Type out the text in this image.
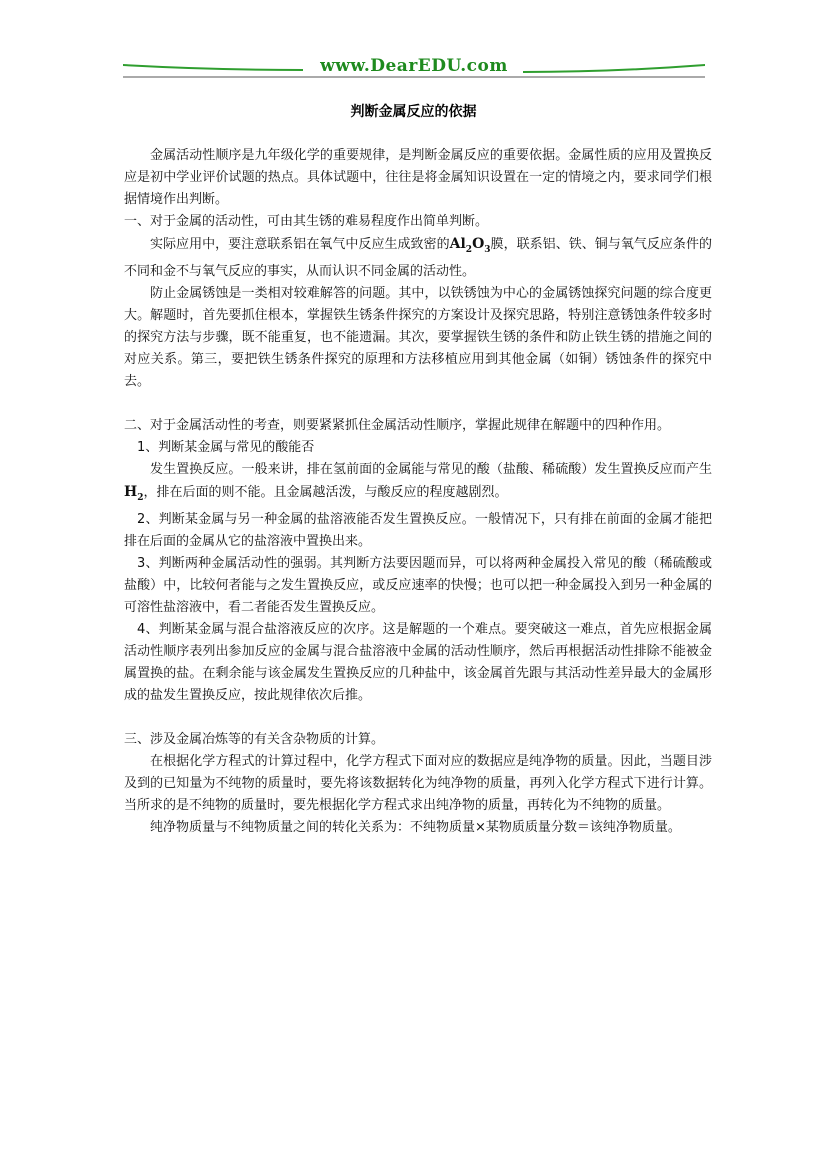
www.DearEDU.com
判断金属反应的依据

金属活动性顺序是九年级化学的重要规律，是判断金属反应的重要依据。金属性质的应用及置换反应是初中学业评价试题的热点。具体试题中，往往是将金属知识设置在一定的情境之内，要求同学们根据情境作出判断。

一、对于金属的活动性，可由其生锈的难易程度作出简单判断。

实际应用中，要注意联系铝在氧气中反应生成致密的$Al_2O_3$膜，联系铝、铁、铜与氧气反应条件的不同和金不与氧气反应的事实，从而认识不同金属的活动性。

防止金属锈蚀是一类相对较难解答的问题。其中，以铁锈蚀为中心的金属锈蚀探究问题的综合度更大。解题时，首先要抓住根本，掌握铁生锈条件探究的方案设计及探究思路，特别注意锈蚀条件较多时的探究方法与步骤，既不能重复，也不能遗漏。其次，要掌握铁生锈的条件和防止铁生锈的措施之间的对应关系。第三，要把铁生锈条件探究的原理和方法移植应用到其他金属（如铜）锈蚀条件的探究中去。

二、对于金属活动性的考查，则要紧紧抓住金属活动性顺序，掌握此规律在解题中的四种作用。

1、判断某金属与常见的酸能否

发生置换反应。一般来讲，排在氢前面的金属能与常见的酸（盐酸、稀硫酸）发生置换反应而产生$H_2$，排在后面的则不能。且金属越活泼，与酸反应的程度越剧烈。

2、判断某金属与另一种金属的盐溶液能否发生置换反应。一般情况下，只有排在前面的金属才能把排在后面的金属从它的盐溶液中置换出来。

3、判断两种金属活动性的强弱。其判断方法要因题而异，可以将两种金属投入常见的酸（稀硫酸或盐酸）中，比较何者能与之发生置换反应，或反应速率的快慢；也可以把一种金属投入到另一种金属的可溶性盐溶液中，看二者能否发生置换反应。

4、判断某金属与混合盐溶液反应的次序。这是解题的一个难点。要突破这一难点，首先应根据金属活动性顺序表列出参加反应的金属与混合盐溶液中金属的活动性顺序，然后再根据活动性排除不能被金属置换的盐。在剩余能与该金属发生置换反应的几种盐中，该金属首先跟与其活动性差异最大的金属形成的盐发生置换反应，按此规律依次后推。

三、涉及金属冶炼等的有关含杂物质的计算。

在根据化学方程式的计算过程中，化学方程式下面对应的数据应是纯净物的质量。因此，当题目涉及到的已知量为不纯物的质量时，要先将该数据转化为纯净物的质量，再列入化学方程式下进行计算。当所求的是不纯物的质量时，要先根据化学方程式求出纯净物的质量，再转化为不纯物的质量。

纯净物质量与不纯物质量之间的转化关系为：不纯物质量×某物质质量分数＝该纯净物质量。
